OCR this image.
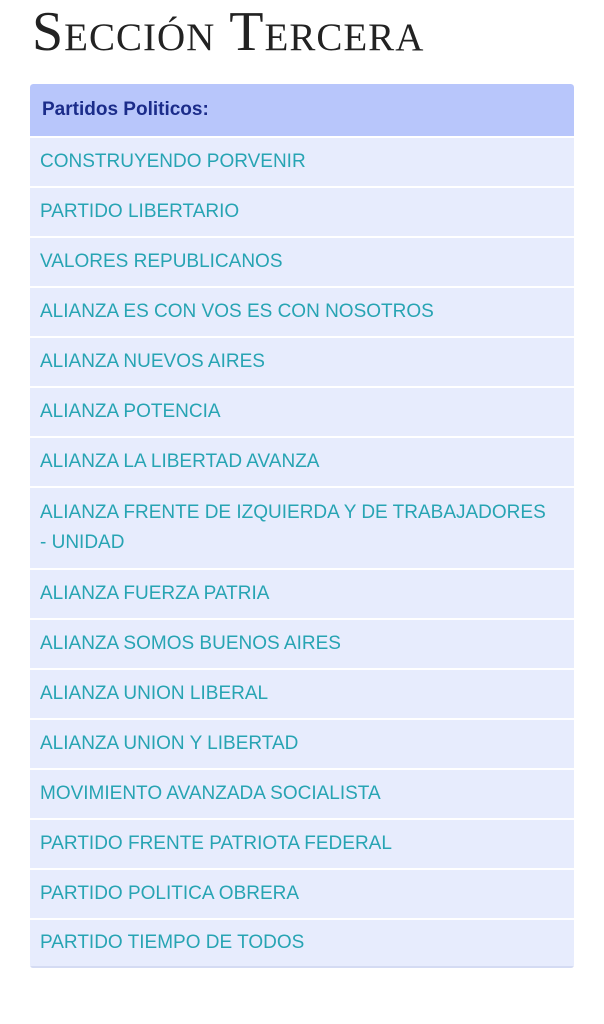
Sección Tercera
Partidos Politicos:
CONSTRUYENDO PORVENIR
PARTIDO LIBERTARIO
VALORES REPUBLICANOS
ALIANZA ES CON VOS ES CON NOSOTROS
ALIANZA NUEVOS AIRES
ALIANZA POTENCIA
ALIANZA LA LIBERTAD AVANZA
ALIANZA FRENTE DE IZQUIERDA Y DE TRABAJADORES - UNIDAD
ALIANZA FUERZA PATRIA
ALIANZA SOMOS BUENOS AIRES
ALIANZA UNION LIBERAL
ALIANZA UNION Y LIBERTAD
MOVIMIENTO AVANZADA SOCIALISTA
PARTIDO FRENTE PATRIOTA FEDERAL
PARTIDO POLITICA OBRERA
PARTIDO TIEMPO DE TODOS
